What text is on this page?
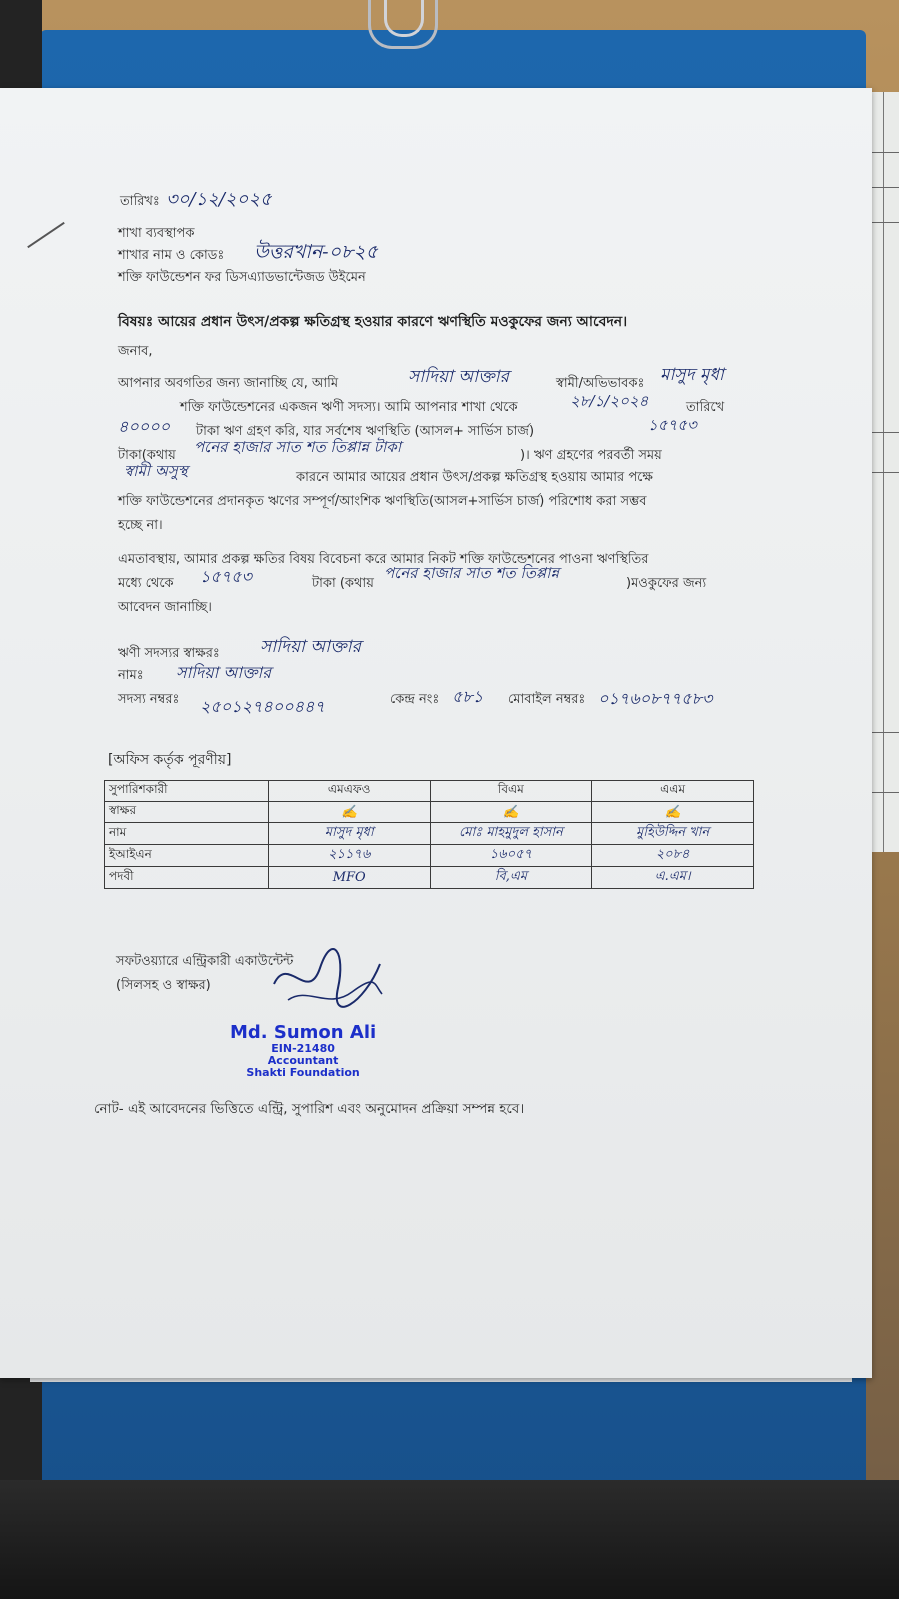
তারিখঃ ৩০/১২/২০২৫
শাখা ব্যবস্থাপক
শাখার নাম ও কোডঃ উত্তরখান-০৮২৫
শক্তি ফাউন্ডেশন ফর ডিসএ্যাডভান্টেজড উইমেন
বিষয়ঃ আয়ের প্রধান উৎস/প্রকল্প ক্ষতিগ্রস্থ হওয়ার কারণে ঋণস্থিতি মওকুফের জন্য আবেদন।
জনাব,
আপনার অবগতির জন্য জানাচ্ছি যে, আমি	সাদিয়া আক্তার	স্বামী/অভিভাবকঃ মাসুদ মৃধা
শক্তি ফাউন্ডেশনের একজন ঋণী সদস্য। আমি আপনার শাখা থেকে	২৮/১/২০২৪	তারিখে
৪০০০০ টাকা ঋণ গ্রহণ করি, যার সর্বশেষ ঋণস্থিতি (আসল+ সার্ভিস চার্জ)	১৫৭৫৩
টাকা(কথায় পনের হাজার সাত শত তিপ্পান্ন টাকা	)। ঋণ গ্রহণের পরবর্তী সময়
স্বামী অসুস্থ	কারনে আমার আয়ের প্রধান উৎস/প্রকল্প ক্ষতিগ্রস্থ হওয়ায় আমার পক্ষে
শক্তি ফাউন্ডেশনের প্রদানকৃত ঋণের সম্পূর্ণ/আংশিক ঋণস্থিতি(আসল+সার্ভিস চার্জ) পরিশোধ করা সম্ভব
হচ্ছে না।
এমতাবস্থায়, আমার প্রকল্প ক্ষতির বিষয় বিবেচনা করে আমার নিকট শক্তি ফাউন্ডেশনের পাওনা ঋণস্থিতির
মধ্যে থেকে ১৫৭৫৩	টাকা (কথায়
পনের হাজার সাত শত তিপ্পান্ন
)মওকুফের জন্য
আবেদন জানাচ্ছি।
ঋণী সদস্যর স্বাক্ষরঃ সাদিয়া আক্তার
নামঃ সাদিয়া আক্তার
সদস্য নম্বরঃ ২৫০১২৭৪০০৪৪৭	কেন্দ্র নংঃ ৫৮১ মোবাইল নম্বরঃ ০১৭৬০৮৭৭৫৮৩
[অফিস কর্তৃক পূরণীয়]
সুপারিশকারী	এমএফও	বিএম	এএম
স্বাক্ষর	✍	✍	✍
নাম	মাসুদ মৃধা	মোঃ মাহমুদুল হাসান	মুহিউদ্দিন খান
ইআইএন	২১১৭৬	১৬০৫৭	২০৮৪
পদবী	MFO	বি,এম	এ.এম।
সফটওয়্যারে এন্ট্রিকারী একাউন্টেন্ট
(সিলসহ ও স্বাক্ষর)
Md. Sumon Ali
EIN-21480
Accountant
Shakti Foundation
নোট- এই আবেদনের ভিত্তিতে এন্ট্রি, সুপারিশ এবং অনুমোদন প্রক্রিয়া সম্পন্ন হবে।
